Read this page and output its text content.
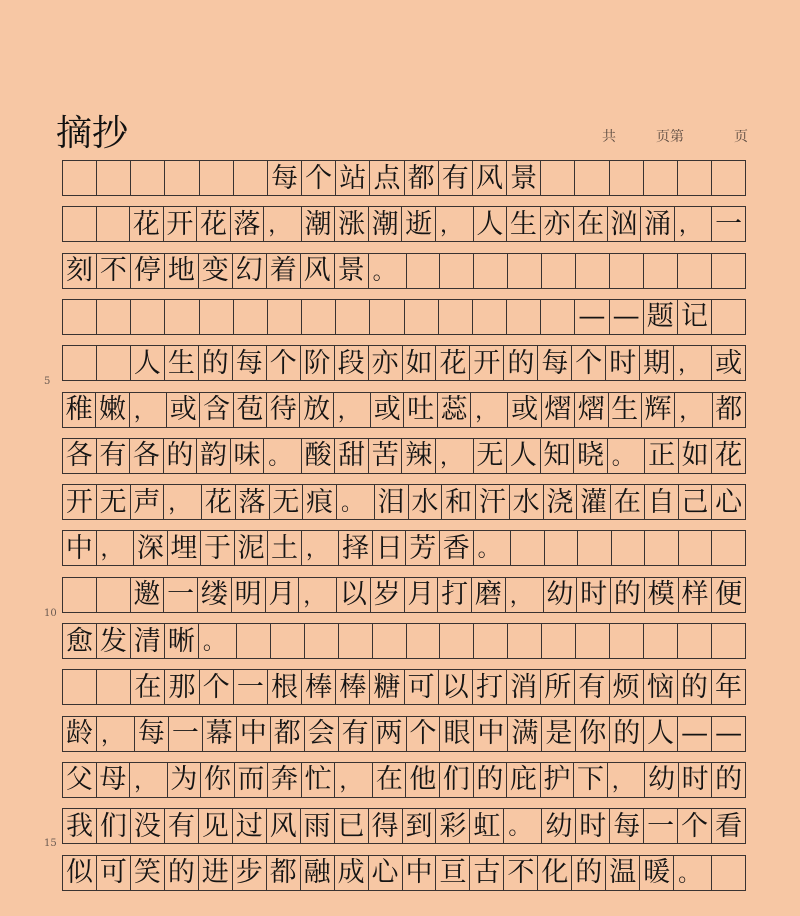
摘抄	共	页第	页
5
10
15
每 个 站 点 都 有 风 景
花 开 花 落 ， 潮 涨 潮 逝 ， 人 生 亦 在 汹 涌 ， 一
刻 不 停 地 变 幻 着 风 景 。
— — 题 记
人 生 的 每 个 阶 段 亦 如 花 开 的 每 个 时 期 ， 或
稚 嫩 ， 或 含 苞 待 放 ， 或 吐 蕊 ， 或 熠 熠 生 辉 ， 都
各 有 各 的 韵 味 。 酸 甜 苦 辣 ， 无 人 知 晓 。 正 如 花
开 无 声 ， 花 落 无 痕 。 泪 水 和 汗 水 浇 灌 在 自 己 心
中 ， 深 埋 于 泥 土 ， 择 日 芳 香 。
邀 一 缕 明 月 ， 以 岁 月 打 磨 ， 幼 时 的 模 样 便
愈 发 清 晰 。
在 那 个 一 根 棒 棒 糖 可 以 打 消 所 有 烦 恼 的 年
龄 ， 每 一 幕 中 都 会 有 两 个 眼 中 满 是 你 的 人 — —
父 母 ， 为 你 而 奔 忙 ， 在 他 们 的 庇 护 下 ， 幼 时 的
我 们 没 有 见 过 风 雨 已 得 到 彩 虹 。 幼 时 每 一 个 看
似 可 笑 的 进 步 都 融 成 心 中 亘 古 不 化 的 温 暖 。
